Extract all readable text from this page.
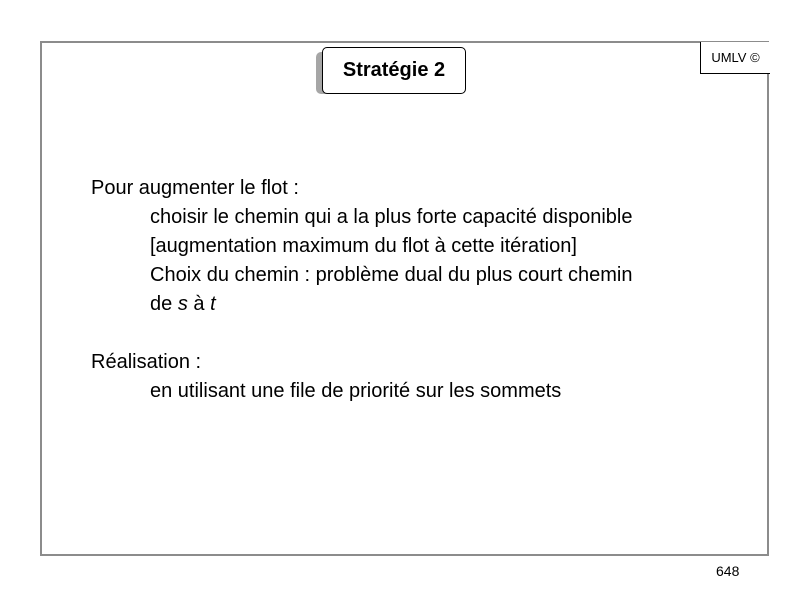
Stratégie 2
UMLV ©
Pour augmenter le flot :
choisir le chemin qui a la plus forte capacité disponible
[augmentation maximum du flot à cette itération]
Choix du chemin : problème dual du plus court chemin
de s à t
Réalisation :
en utilisant une file de priorité sur les sommets
648
